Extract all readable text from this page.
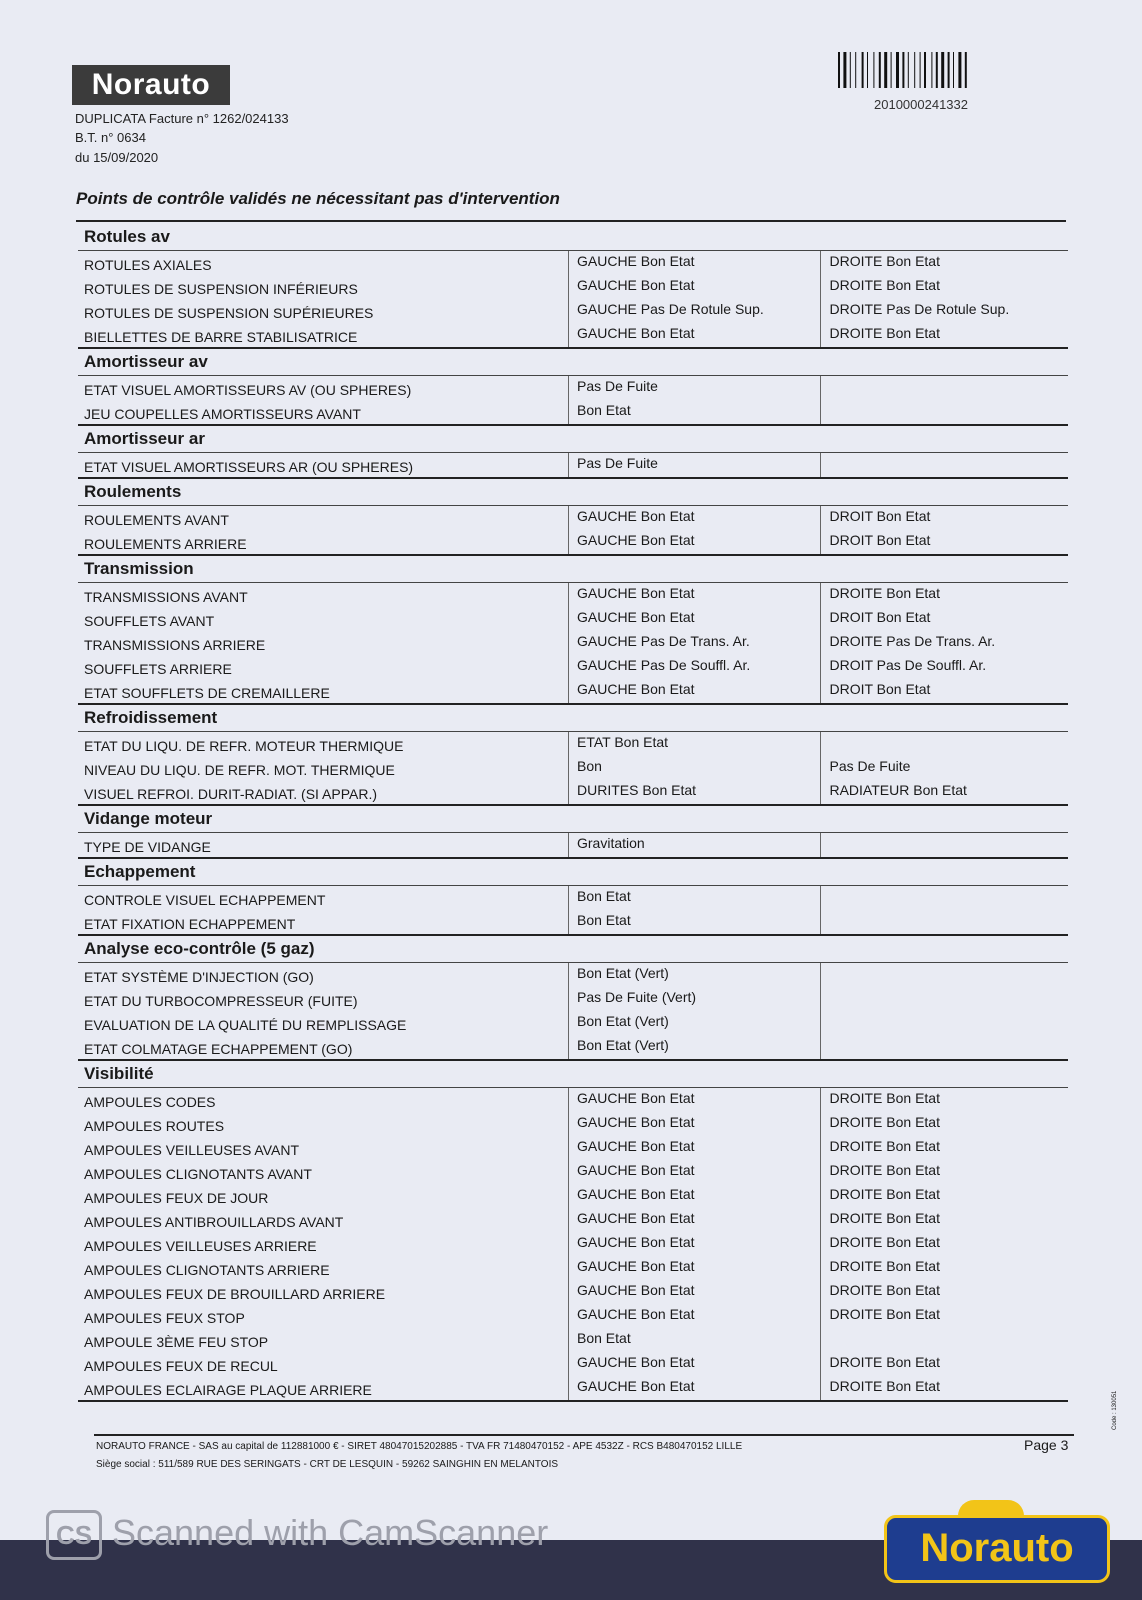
Norauto
DUPLICATA Facture n° 1262/024133
B.T. n° 0634
du 15/09/2020
2010000241332
Points de contrôle validés ne nécessitant pas d'intervention
Rotules av
ROTULES AXIALES	GAUCHE Bon Etat	DROITE Bon Etat
ROTULES DE SUSPENSION INFÉRIEURS	GAUCHE Bon Etat	DROITE Bon Etat
ROTULES DE SUSPENSION SUPÉRIEURES	GAUCHE Pas De Rotule Sup.	DROITE Pas De Rotule Sup.
BIELLETTES DE BARRE STABILISATRICE	GAUCHE Bon Etat	DROITE Bon Etat
Amortisseur av
ETAT VISUEL AMORTISSEURS AV (OU SPHERES)	Pas De Fuite
JEU COUPELLES AMORTISSEURS AVANT	Bon Etat
Amortisseur ar
ETAT VISUEL AMORTISSEURS AR (OU SPHERES)	Pas De Fuite
Roulements
ROULEMENTS AVANT	GAUCHE Bon Etat	DROIT Bon Etat
ROULEMENTS ARRIERE	GAUCHE Bon Etat	DROIT Bon Etat
Transmission
TRANSMISSIONS AVANT	GAUCHE Bon Etat	DROITE Bon Etat
SOUFFLETS AVANT	GAUCHE Bon Etat	DROIT Bon Etat
TRANSMISSIONS ARRIERE	GAUCHE Pas De Trans. Ar.	DROITE Pas De Trans. Ar.
SOUFFLETS ARRIERE	GAUCHE Pas De Souffl. Ar.	DROIT Pas De Souffl. Ar.
ETAT SOUFFLETS DE CREMAILLERE	GAUCHE Bon Etat	DROIT Bon Etat
Refroidissement
ETAT DU LIQU. DE REFR. MOTEUR THERMIQUE	ETAT Bon Etat
NIVEAU DU LIQU. DE REFR. MOT. THERMIQUE	Bon	Pas De Fuite
VISUEL REFROI. DURIT-RADIAT. (SI APPAR.)	DURITES Bon Etat	RADIATEUR Bon Etat
Vidange moteur
TYPE DE VIDANGE	Gravitation
Echappement
CONTROLE VISUEL ECHAPPEMENT	Bon Etat
ETAT FIXATION ECHAPPEMENT	Bon Etat
Analyse eco-contrôle (5 gaz)
ETAT SYSTÈME D'INJECTION (GO)	Bon Etat (Vert)
ETAT DU TURBOCOMPRESSEUR (FUITE)	Pas De Fuite (Vert)
EVALUATION DE LA QUALITÉ DU REMPLISSAGE	Bon Etat (Vert)
ETAT COLMATAGE ECHAPPEMENT (GO)	Bon Etat (Vert)
Visibilité
AMPOULES CODES	GAUCHE Bon Etat	DROITE Bon Etat
AMPOULES ROUTES	GAUCHE Bon Etat	DROITE Bon Etat
AMPOULES VEILLEUSES AVANT	GAUCHE Bon Etat	DROITE Bon Etat
AMPOULES CLIGNOTANTS AVANT	GAUCHE Bon Etat	DROITE Bon Etat
AMPOULES FEUX DE JOUR	GAUCHE Bon Etat	DROITE Bon Etat
AMPOULES ANTIBROUILLARDS AVANT	GAUCHE Bon Etat	DROITE Bon Etat
AMPOULES VEILLEUSES ARRIERE	GAUCHE Bon Etat	DROITE Bon Etat
AMPOULES CLIGNOTANTS ARRIERE	GAUCHE Bon Etat	DROITE Bon Etat
AMPOULES FEUX DE BROUILLARD ARRIERE	GAUCHE Bon Etat	DROITE Bon Etat
AMPOULES FEUX STOP	GAUCHE Bon Etat	DROITE Bon Etat
AMPOULE 3ÈME FEU STOP	Bon Etat
AMPOULES FEUX DE RECUL	GAUCHE Bon Etat	DROITE Bon Etat
AMPOULES ECLAIRAGE PLAQUE ARRIERE	GAUCHE Bon Etat	DROITE Bon Etat
NORAUTO FRANCE - SAS au capital de 112881000 € - SIRET 48047015202885 - TVA FR 71480470152 - APE 4532Z - RCS B480470152 LILLE
Siège social : 511/589 RUE DES SERINGATS - CRT DE LESQUIN - 59262 SAINGHIN EN MELANTOIS
Page 3
Code : 130051
CS Scanned with CamScanner	Norauto
